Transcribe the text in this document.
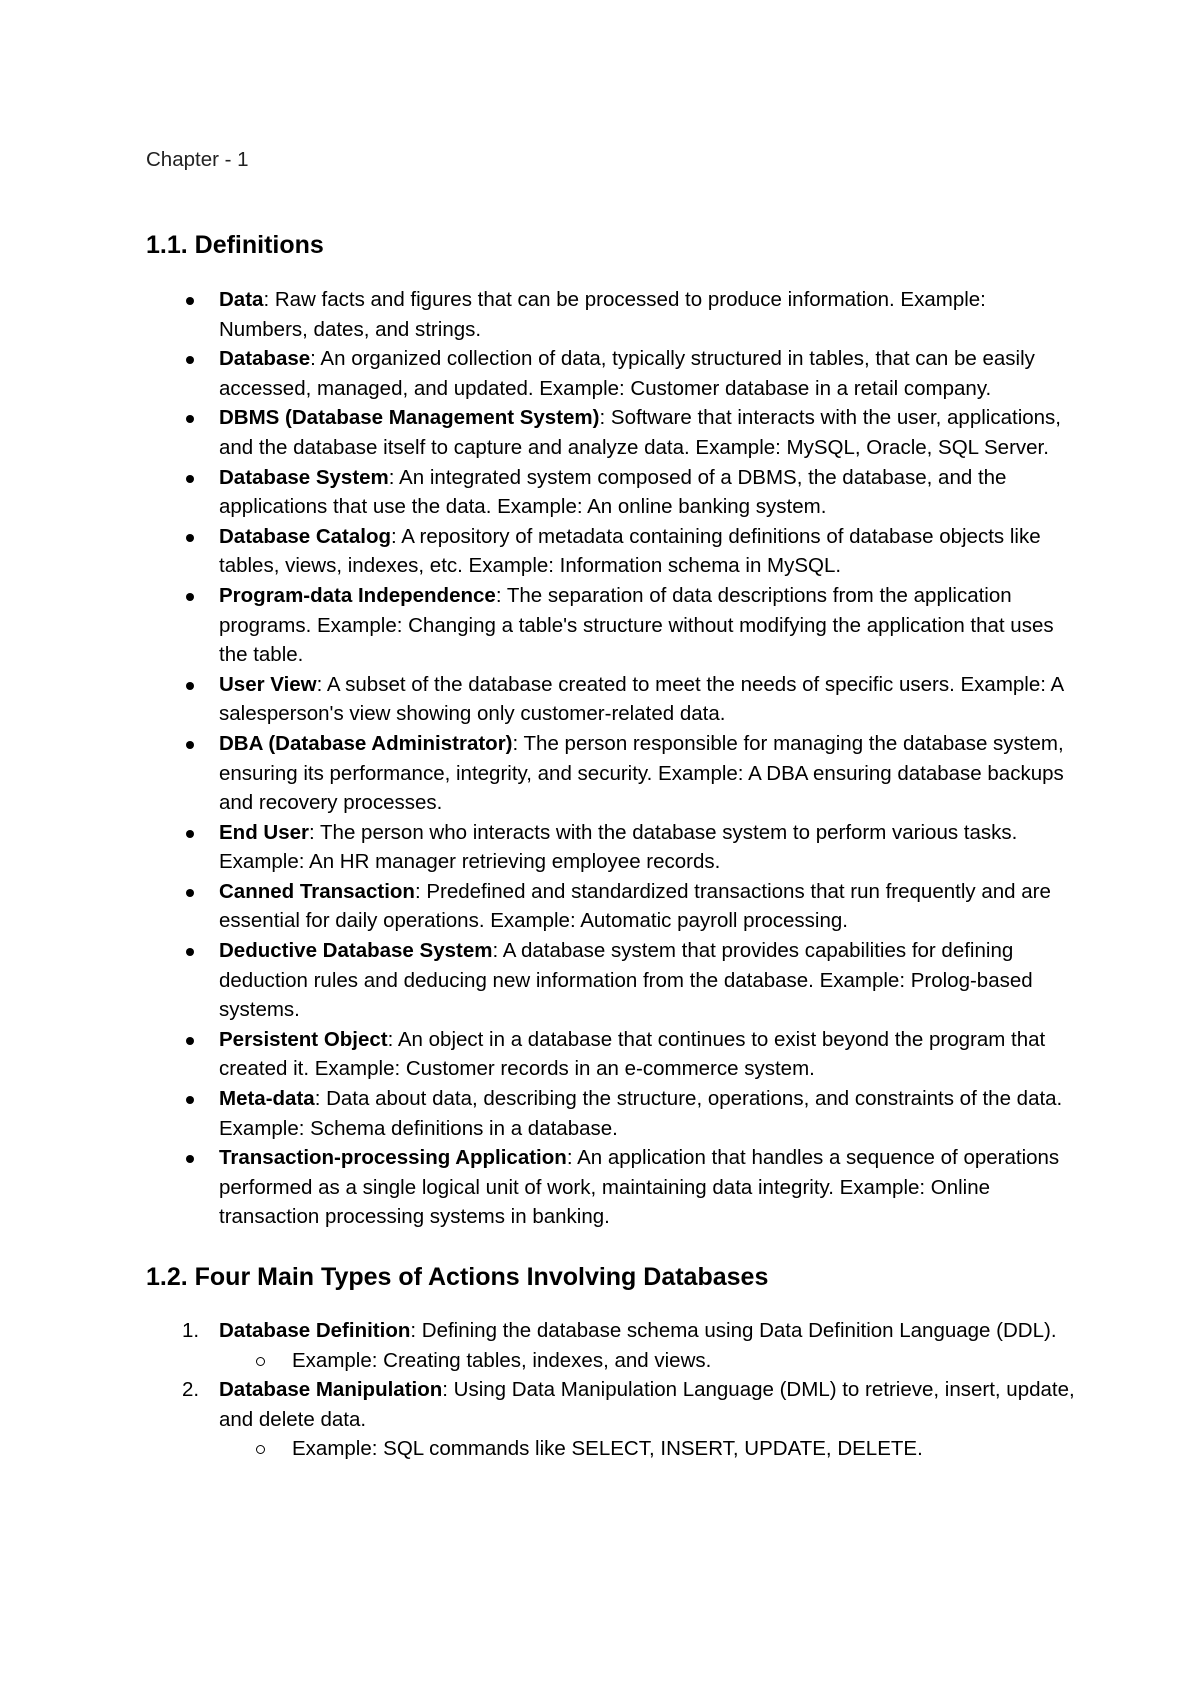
Chapter - 1

1.1. Definitions
Data: Raw facts and figures that can be processed to produce information. Example: Numbers, dates, and strings.
Database: An organized collection of data, typically structured in tables, that can be easily accessed, managed, and updated. Example: Customer database in a retail company.
DBMS (Database Management System): Software that interacts with the user, applications, and the database itself to capture and analyze data. Example: MySQL, Oracle, SQL Server.
Database System: An integrated system composed of a DBMS, the database, and the applications that use the data. Example: An online banking system.
Database Catalog: A repository of metadata containing definitions of database objects like tables, views, indexes, etc. Example: Information schema in MySQL.
Program-data Independence: The separation of data descriptions from the application programs. Example: Changing a table's structure without modifying the application that uses the table.
User View: A subset of the database created to meet the needs of specific users. Example: A salesperson's view showing only customer-related data.
DBA (Database Administrator): The person responsible for managing the database system, ensuring its performance, integrity, and security. Example: A DBA ensuring database backups and recovery processes.
End User: The person who interacts with the database system to perform various tasks. Example: An HR manager retrieving employee records.
Canned Transaction: Predefined and standardized transactions that run frequently and are essential for daily operations. Example: Automatic payroll processing.
Deductive Database System: A database system that provides capabilities for defining deduction rules and deducing new information from the database. Example: Prolog-based systems.
Persistent Object: An object in a database that continues to exist beyond the program that created it. Example: Customer records in an e-commerce system.
Meta-data: Data about data, describing the structure, operations, and constraints of the data. Example: Schema definitions in a database.
Transaction-processing Application: An application that handles a sequence of operations performed as a single logical unit of work, maintaining data integrity. Example: Online transaction processing systems in banking.
1.2. Four Main Types of Actions Involving Databases
1. Database Definition: Defining the database schema using Data Definition Language (DDL).
Example: Creating tables, indexes, and views.
2. Database Manipulation: Using Data Manipulation Language (DML) to retrieve, insert, update, and delete data.
Example: SQL commands like SELECT, INSERT, UPDATE, DELETE.
